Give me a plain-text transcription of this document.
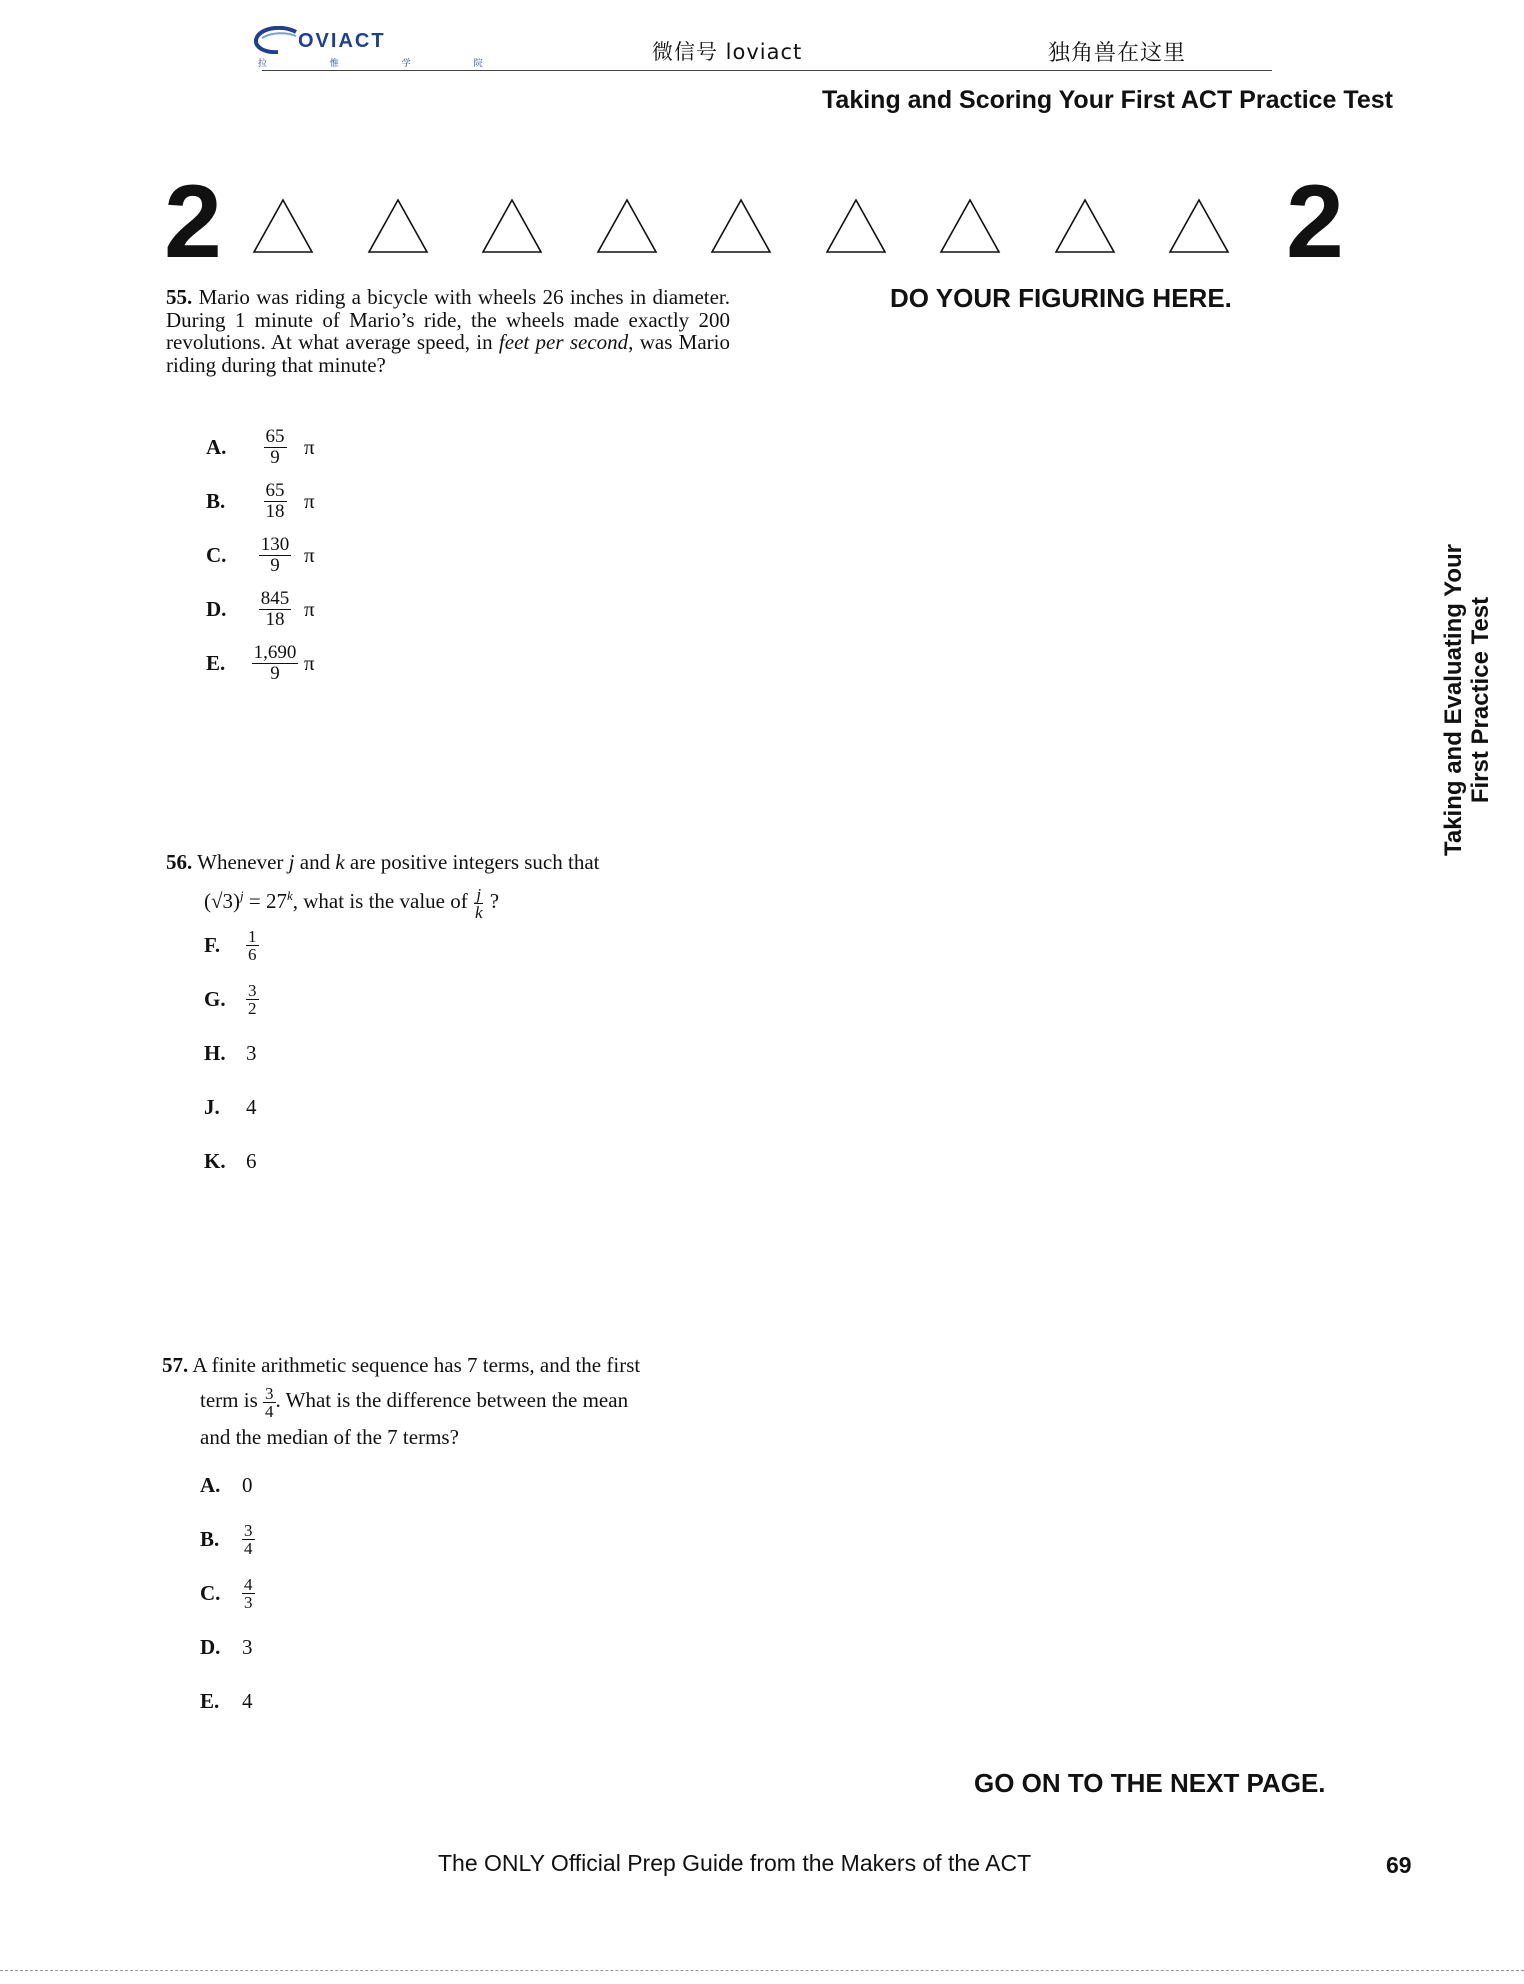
OVIACT
拉 惟 学 院	微信号 loviact	独角兽在这里
Taking and Scoring Your First ACT Practice Test
2	2
DO YOUR FIGURING HERE.
55. Mario was riding a bicycle with wheels 26 inches in diameter. During 1 minute of Mario’s ride, the wheels made exactly 200 revolutions. At what average speed, in feet per second, was Mario riding during that minute?
A.	$\frac{65}{9}$ π
B.	$\frac{65}{18}$ π
C.	$\frac{130}{9}$ π
D.	$\frac{845}{18}$ π
E.	$\frac{1,690}{9}$ π
56. Whenever j and k are positive integers such that
$(√3)^j = 27^k$, what is the value of $\frac{j}{k}$ ?
F.	$\frac{1}{6}$
G.	$\frac{3}{2}$
H. 3
J.	4
K. 6
57. A finite arithmetic sequence has 7 terms, and the first
term is $\frac{3}{4}$ . What is the difference between the mean
and the median of the 7 terms?
A.	0
B.	$\frac{3}{4}$
C.	$\frac{4}{3}$
D.	3
E.	4
Taking and Evaluating Your First Practice Test
GO ON TO THE NEXT PAGE.
The ONLY Official Prep Guide from the Makers of the ACT	69
